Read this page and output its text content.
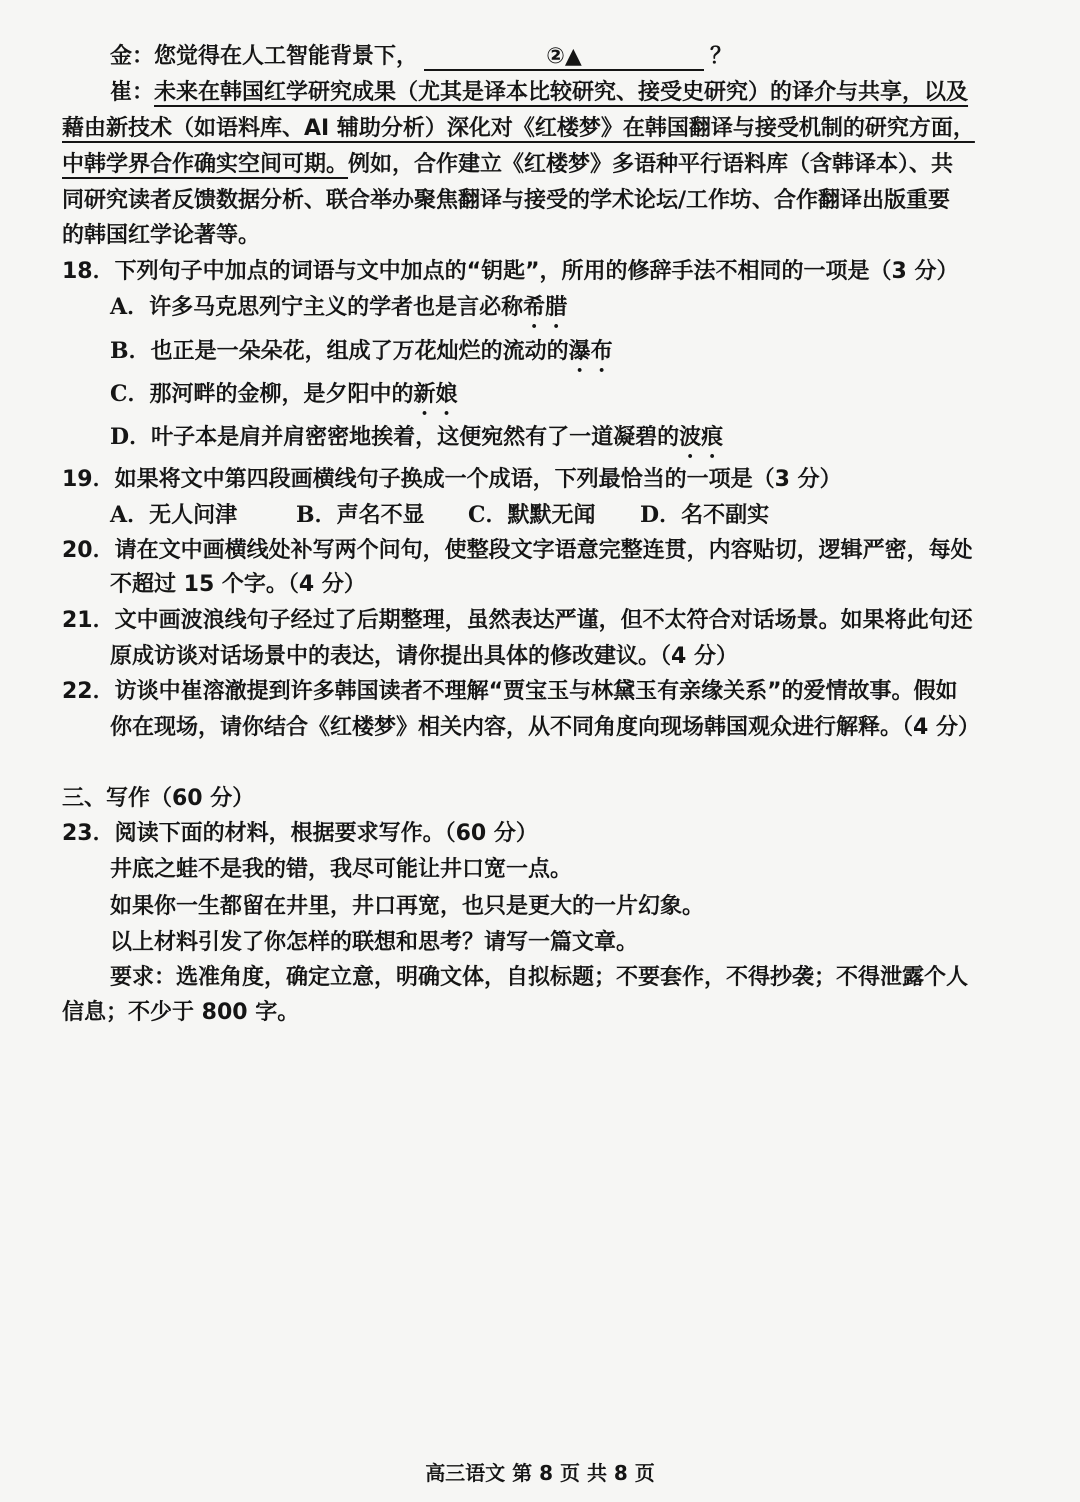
金：您觉得在人工智能背景下，	②▲	？
崔：未来在韩国红学研究成果（尤其是译本比较研究、接受史研究）的译介与共享，以及
藉由新技术（如语料库、AI 辅助分析）深化对《红楼梦》在韩国翻译与接受机制的研究方面，
中韩学界合作确实空间可期。例如，合作建立《红楼梦》多语种平行语料库（含韩译本）、共
同研究读者反馈数据分析、联合举办聚焦翻译与接受的学术论坛/工作坊、合作翻译出版重要
的韩国红学论著等。
18．下列句子中加点的词语与文中加点的“钥匙”，所用的修辞手法不相同的一项是（3 分）
A．许多马克思列宁主义的学者也是言必称希腊
B．也正是一朵朵花，组成了万花灿烂的流动的瀑布
C．那河畔的金柳，是夕阳中的新娘
D．叶子本是肩并肩密密地挨着，这便宛然有了一道凝碧的波痕
19．如果将文中第四段画横线句子换成一个成语，下列最恰当的一项是（3 分）
A．无人问津	B．声名不显 C．默默无闻 D．名不副实
20．请在文中画横线处补写两个问句，使整段文字语意完整连贯，内容贴切，逻辑严密，每处
不超过 15 个字。（4 分）
21．文中画波浪线句子经过了后期整理，虽然表达严谨，但不太符合对话场景。如果将此句还
原成访谈对话场景中的表达，请你提出具体的修改建议。（4 分）
22．访谈中崔溶澈提到许多韩国读者不理解“贾宝玉与林黛玉有亲缘关系”的爱情故事。假如
你在现场，请你结合《红楼梦》相关内容，从不同角度向现场韩国观众进行解释。（4 分）
三、写作（60 分）
23．阅读下面的材料，根据要求写作。（60 分）
井底之蛙不是我的错，我尽可能让井口宽一点。
如果你一生都留在井里，井口再宽，也只是更大的一片幻象。
以上材料引发了你怎样的联想和思考？请写一篇文章。
要求：选准角度，确定立意，明确文体，自拟标题；不要套作，不得抄袭；不得泄露个人
信息；不少于 800 字。
高三语文 第 8 页 共 8 页
